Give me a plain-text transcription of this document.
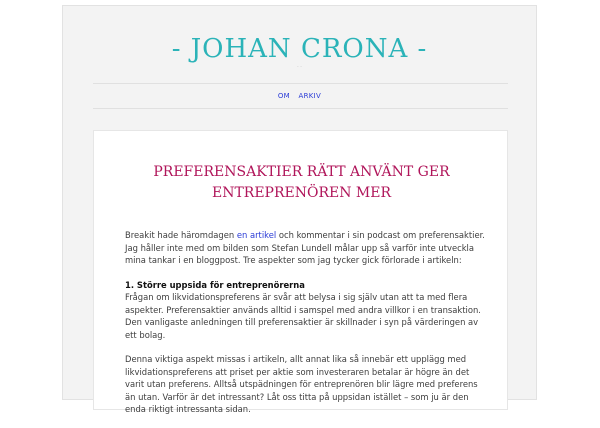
- JOHAN CRONA -
· ·
OM ARKIV
PREFERENSAKTIER RÄTT ANVÄNT GER ENTREPRENÖREN MER

Breakit hade häromdagen en artikel och kommentar i sin podcast om preferensaktier. Jag håller inte med om bilden som Stefan Lundell målar upp så varför inte utveckla mina tankar i en bloggpost. Tre aspekter som jag tycker gick förlorade i artikeln:

1. Större uppsida för entreprenörerna

Frågan om likvidationspreferens är svår att belysa i sig själv utan att ta med flera aspekter. Preferensaktier används alltid i samspel med andra villkor i en transaktion. Den vanligaste anledningen till preferensaktier är skillnader i syn på värderingen av ett bolag.

Denna viktiga aspekt missas i artikeln, allt annat lika så innebär ett upplägg med likvidationspreferens att priset per aktie som investeraren betalar är högre än det varit utan preferens. Alltså utspädningen för entreprenören blir lägre med preferens än utan. Varför är det intressant? Låt oss titta på uppsidan istället – som ju är den enda riktigt intressanta sidan.
